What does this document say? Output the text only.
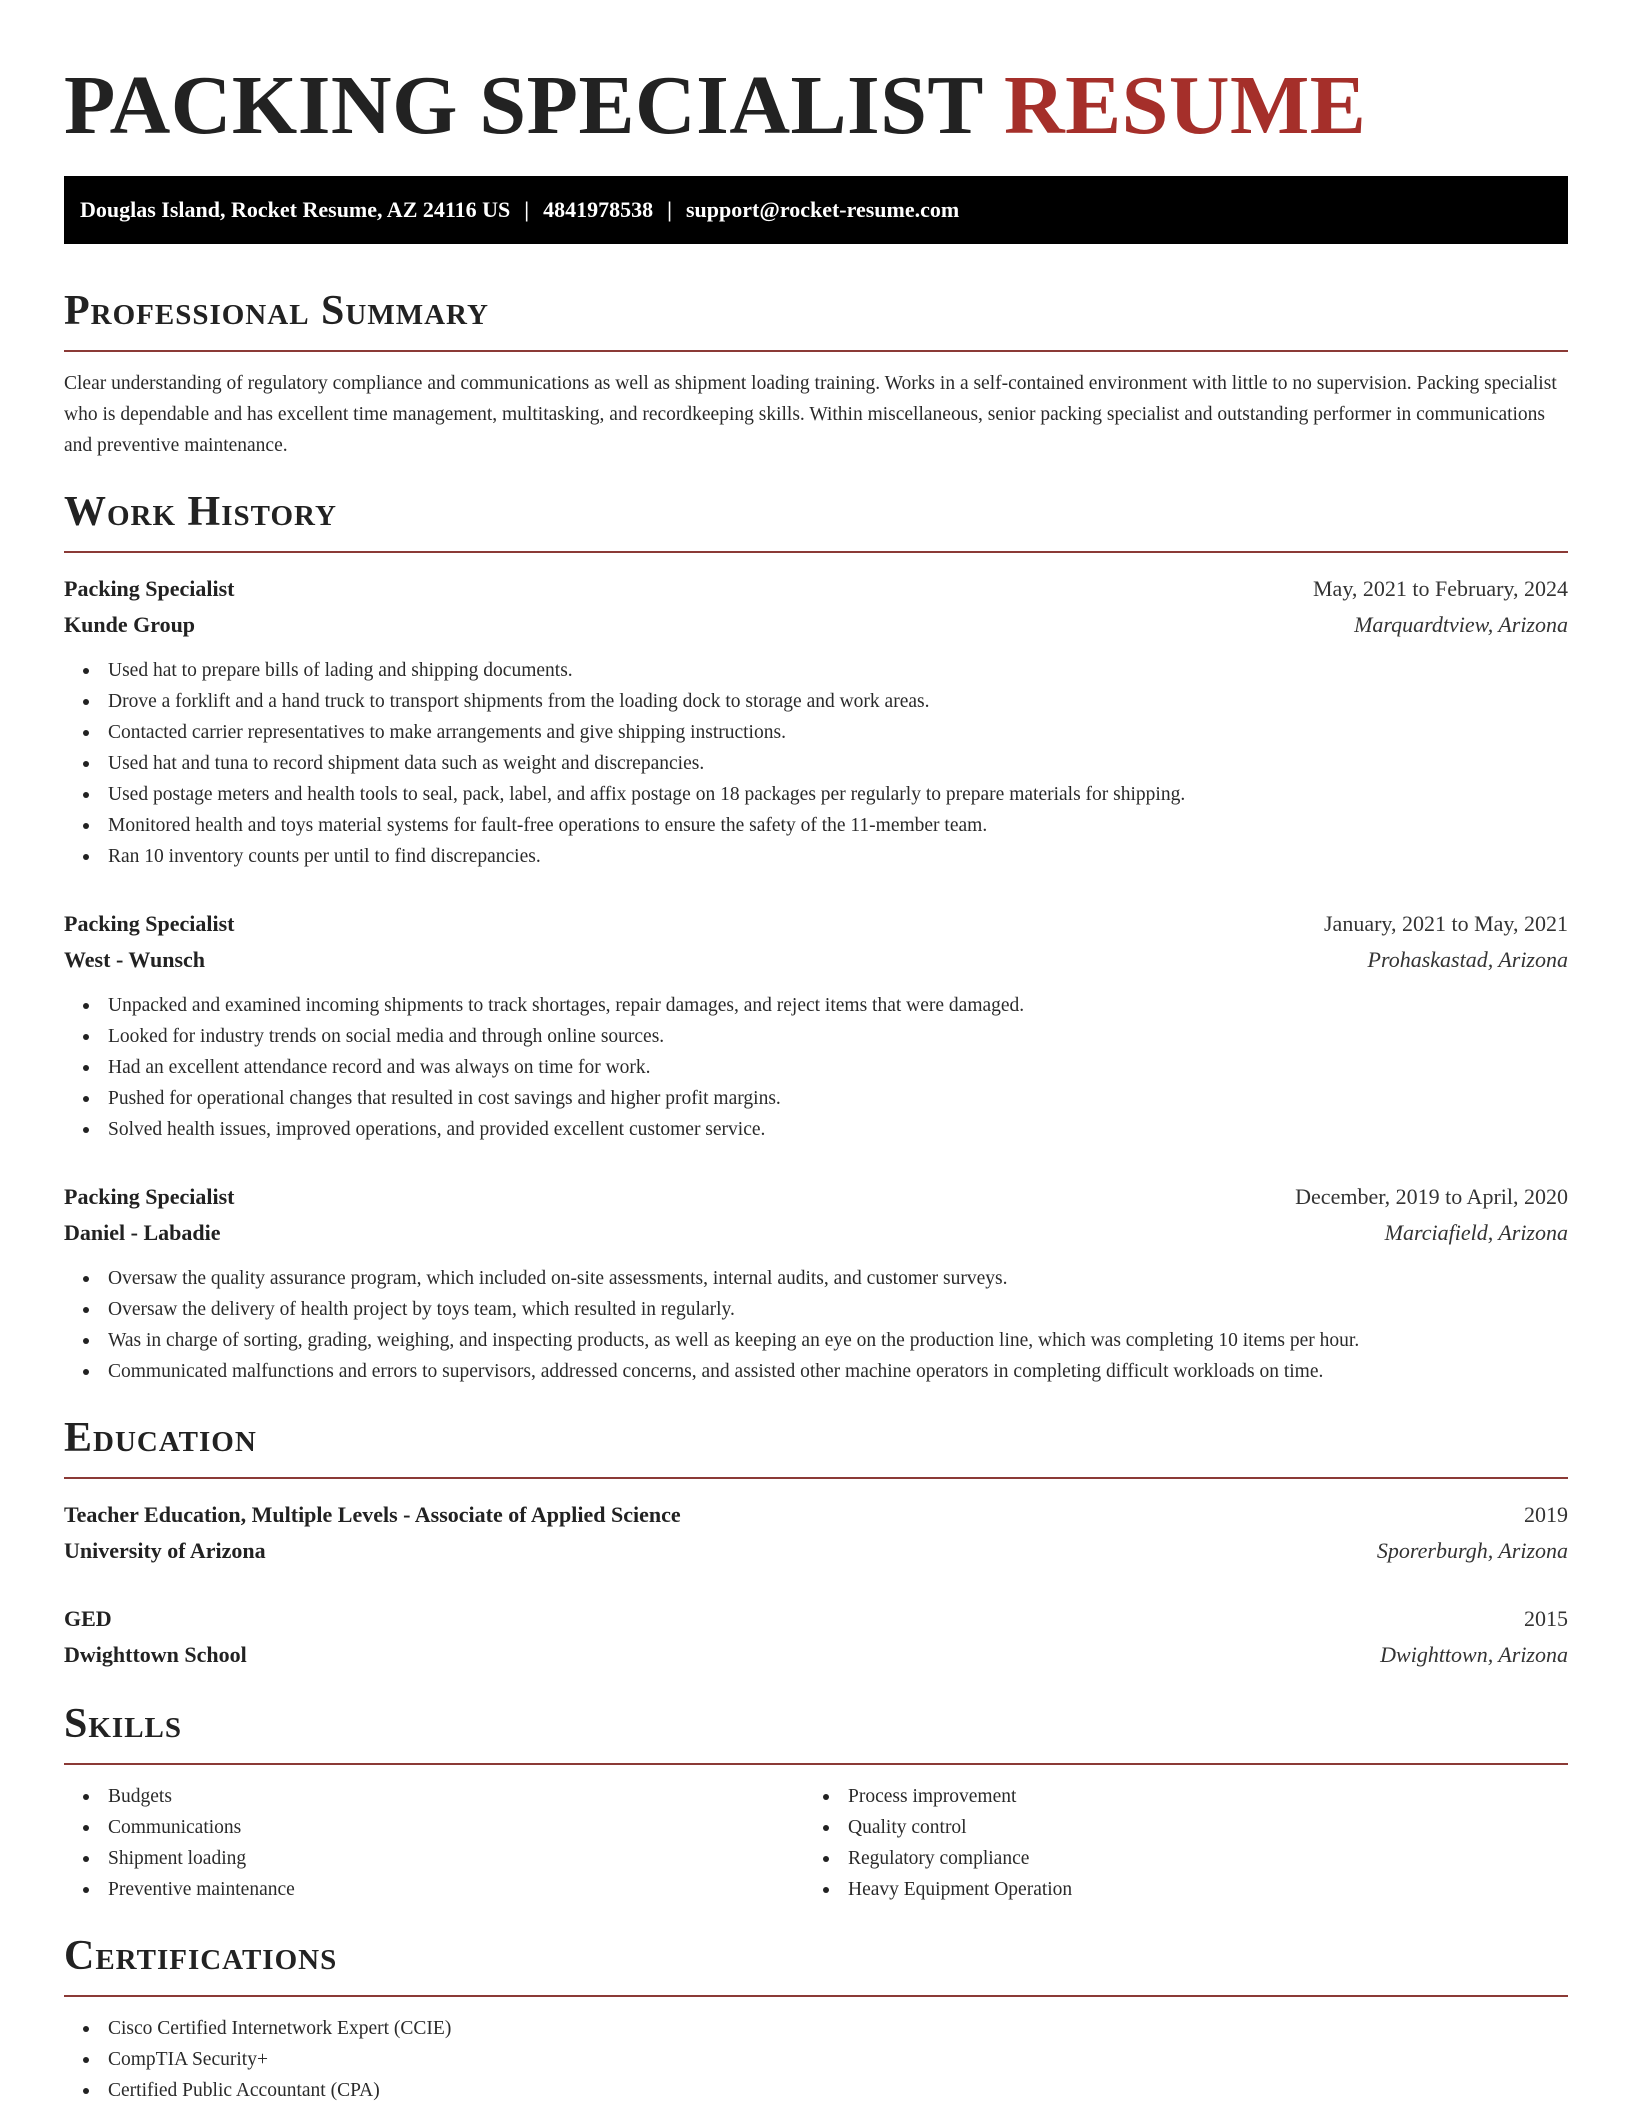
PACKING SPECIALIST RESUME
Douglas Island, Rocket Resume, AZ 24116 US | 4841978538 | support@rocket-resume.com
Professional Summary

Clear understanding of regulatory compliance and communications as well as shipment loading training. Works in a self-contained environment with little to no supervision. Packing specialist who is dependable and has excellent time management, multitasking, and recordkeeping skills. Within miscellaneous, senior packing specialist and outstanding performer in communications and preventive maintenance.

Work History
Packing Specialist	May, 2021 to February, 2024
Kunde Group	Marquardtview, Arizona
Used hat to prepare bills of lading and shipping documents.
Drove a forklift and a hand truck to transport shipments from the loading dock to storage and work areas.
Contacted carrier representatives to make arrangements and give shipping instructions.
Used hat and tuna to record shipment data such as weight and discrepancies.
Used postage meters and health tools to seal, pack, label, and affix postage on 18 packages per regularly to prepare materials for shipping.
Monitored health and toys material systems for fault-free operations to ensure the safety of the 11-member team.
Ran 10 inventory counts per until to find discrepancies.
Packing Specialist	January, 2021 to May, 2021
West - Wunsch	Prohaskastad, Arizona
Unpacked and examined incoming shipments to track shortages, repair damages, and reject items that were damaged.
Looked for industry trends on social media and through online sources.
Had an excellent attendance record and was always on time for work.
Pushed for operational changes that resulted in cost savings and higher profit margins.
Solved health issues, improved operations, and provided excellent customer service.
Packing Specialist	December, 2019 to April, 2020
Daniel - Labadie	Marciafield, Arizona
Oversaw the quality assurance program, which included on-site assessments, internal audits, and customer surveys.
Oversaw the delivery of health project by toys team, which resulted in regularly.
Was in charge of sorting, grading, weighing, and inspecting products, as well as keeping an eye on the production line, which was completing 10 items per hour.
Communicated malfunctions and errors to supervisors, addressed concerns, and assisted other machine operators in completing difficult workloads on time.
Education
Teacher Education, Multiple Levels - Associate of Applied Science	2019
University of Arizona	Sporerburgh, Arizona
GED	2015
Dwighttown School	Dwighttown, Arizona
Skills
Budgets
Communications
Shipment loading
Preventive maintenance
Process improvement
Quality control
Regulatory compliance
Heavy Equipment Operation
Certifications
Cisco Certified Internetwork Expert (CCIE)
CompTIA Security+
Certified Public Accountant (CPA)
